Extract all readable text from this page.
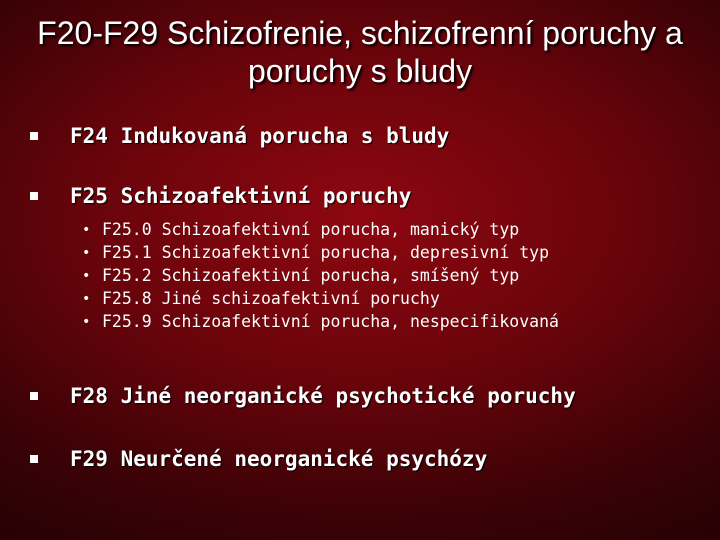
F20-F29 Schizofrenie, schizofrenní poruchy a poruchy s bludy
F24 Indukovaná porucha s bludy
F25 Schizoafektivní poruchy
• F25.0 Schizoafektivní porucha, manický typ
• F25.1 Schizoafektivní porucha, depresivní typ
• F25.2 Schizoafektivní porucha, smíšený typ
• F25.8 Jiné schizoafektivní poruchy
• F25.9 Schizoafektivní porucha, nespecifikovaná
F28 Jiné neorganické psychotické poruchy
F29 Neurčené neorganické psychózy
